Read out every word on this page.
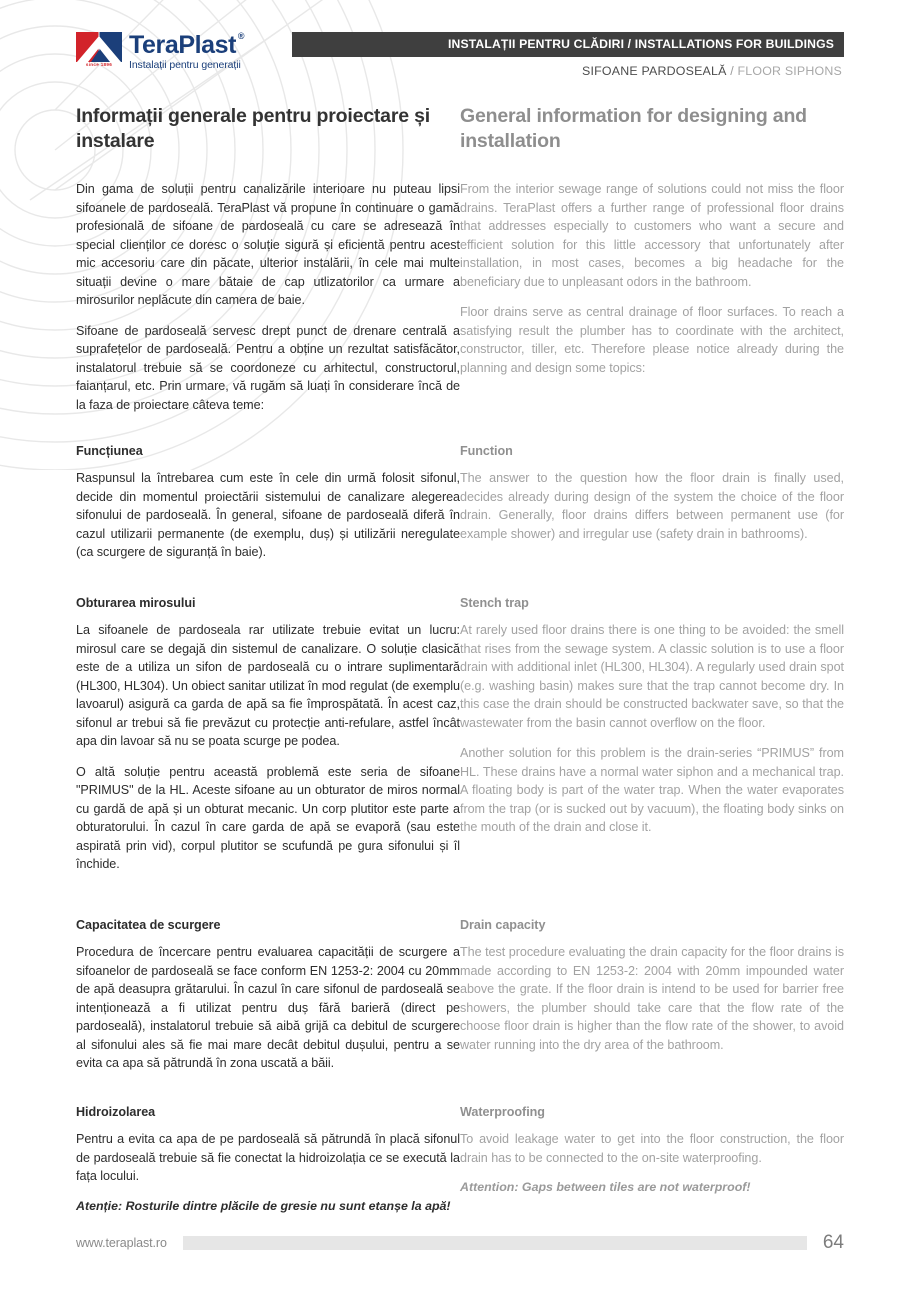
since 1896
TeraPlast ®
Instalații pentru generații
INSTALAȚII PENTRU CLĂDIRI / INSTALLATIONS FOR BUILDINGS
SIFOANE PARDOSEALĂ / FLOOR SIPHONS
Informații generale pentru proiectare și instalare

Din gama de soluții pentru canalizările interioare nu puteau lipsi sifoanele de pardoseală. TeraPlast vă propune în continuare o gamă profesională de sifoane de pardoseală cu care se adresează în special clienților ce doresc o soluție sigură și eficientă pentru acest mic accesoriu care din păcate, ulterior instalării, în cele mai multe situații devine o mare bătaie de cap utlizatorilor ca urmare a mirosurilor neplăcute din camera de baie.

Sifoane de pardoseală servesc drept punct de drenare centrală a suprafețelor de pardoseală. Pentru a obține un rezultat satisfăcător, instalatorul trebuie să se coordoneze cu arhitectul, constructorul, faianțarul, etc. Prin urmare, vă rugăm să luați în considerare încă de la faza de proiectare câteva teme:

Funcțiunea

Raspunsul la întrebarea cum este în cele din urmă folosit sifonul, decide din momentul proiectării sistemului de canalizare alegerea sifonului de pardoseală. În general, sifoane de pardoseală diferă în cazul utilizarii permanente (de exemplu, duș) și utilizării neregulate (ca scurgere de siguranță în baie).

Obturarea mirosului

La sifoanele de pardoseala rar utilizate trebuie evitat un lucru: mirosul care se degajă din sistemul de canalizare. O soluție clasică este de a utiliza un sifon de pardoseală cu o intrare suplimentară (HL300, HL304). Un obiect sanitar utilizat în mod regulat (de exemplu lavoarul) asigură ca garda de apă sa fie împrospătată. În acest caz, sifonul ar trebui să fie prevăzut cu protecție anti-refulare, astfel încât apa din lavoar să nu se poata scurge pe podea.

O altă soluție pentru această problemă este seria de sifoane "PRIMUS" de la HL. Aceste sifoane au un obturator de miros normal cu gardă de apă și un obturat mecanic. Un corp plutitor este parte a obturatorului. În cazul în care garda de apă se evaporă (sau este aspirată prin vid), corpul plutitor se scufundă pe gura sifonului și îl închide.

Capacitatea de scurgere

Procedura de încercare pentru evaluarea capacității de scurgere a sifoanelor de pardoseală se face conform EN 1253-2: 2004 cu 20mm de apă deasupra grătarului. În cazul în care sifonul de pardoseală se intenționează a fi utilizat pentru duș fără barieră (direct pe pardoseală), instalatorul trebuie să aibă grijă ca debitul de scurgere al sifonului ales să fie mai mare decât debitul dușului, pentru a se evita ca apa să pătrundă în zona uscată a băii.

Hidroizolarea

Pentru a evita ca apa de pe pardoseală să pătrundă în placă sifonul de pardoseală trebuie să fie conectat la hidroizolația ce se execută la fața locului.

Atenție: Rosturile dintre plăcile de gresie nu sunt etanșe la apă!

General information for designing and installation

From the interior sewage range of solutions could not miss the floor drains. TeraPlast offers a further range of professional floor drains that addresses especially to customers who want a secure and efficient solution for this little accessory that unfortunately after installation, in most cases, becomes a big headache for the beneficiary due to unpleasant odors in the bathroom.

Floor drains serve as central drainage of floor surfaces. To reach a satisfying result the plumber has to coordinate with the architect, constructor, tiller, etc. Therefore please notice already during the planning and design some topics:

Function

The answer to the question how the floor drain is finally used, decides already during design of the system the choice of the floor drain. Generally, floor drains differs between permanent use (for example shower) and irregular use (safety drain in bathrooms).

Stench trap

At rarely used floor drains there is one thing to be avoided: the smell that rises from the sewage system. A classic solution is to use a floor drain with additional inlet (HL300, HL304). A regularly used drain spot (e.g. washing basin) makes sure that the trap cannot become dry. In this case the drain should be constructed backwater save, so that the wastewater from the basin cannot overflow on the floor.

Another solution for this problem is the drain-series “PRIMUS” from HL. These drains have a normal water siphon and a mechanical trap. A floating body is part of the water trap. When the water evaporates from the trap (or is sucked out by vacuum), the floating body sinks on the mouth of the drain and close it.

Drain capacity

The test procedure evaluating the drain capacity for the floor drains is made according to EN 1253-2: 2004 with 20mm impounded water above the grate. If the floor drain is intend to be used for barrier free showers, the plumber should take care that the flow rate of the choose floor drain is higher than the flow rate of the shower, to avoid water running into the dry area of the bathroom.

Waterproofing

To avoid leakage water to get into the floor construction, the floor drain has to be connected to the on-site waterproofing.

Attention: Gaps between tiles are not waterproof!

www.teraplast.ro	64
